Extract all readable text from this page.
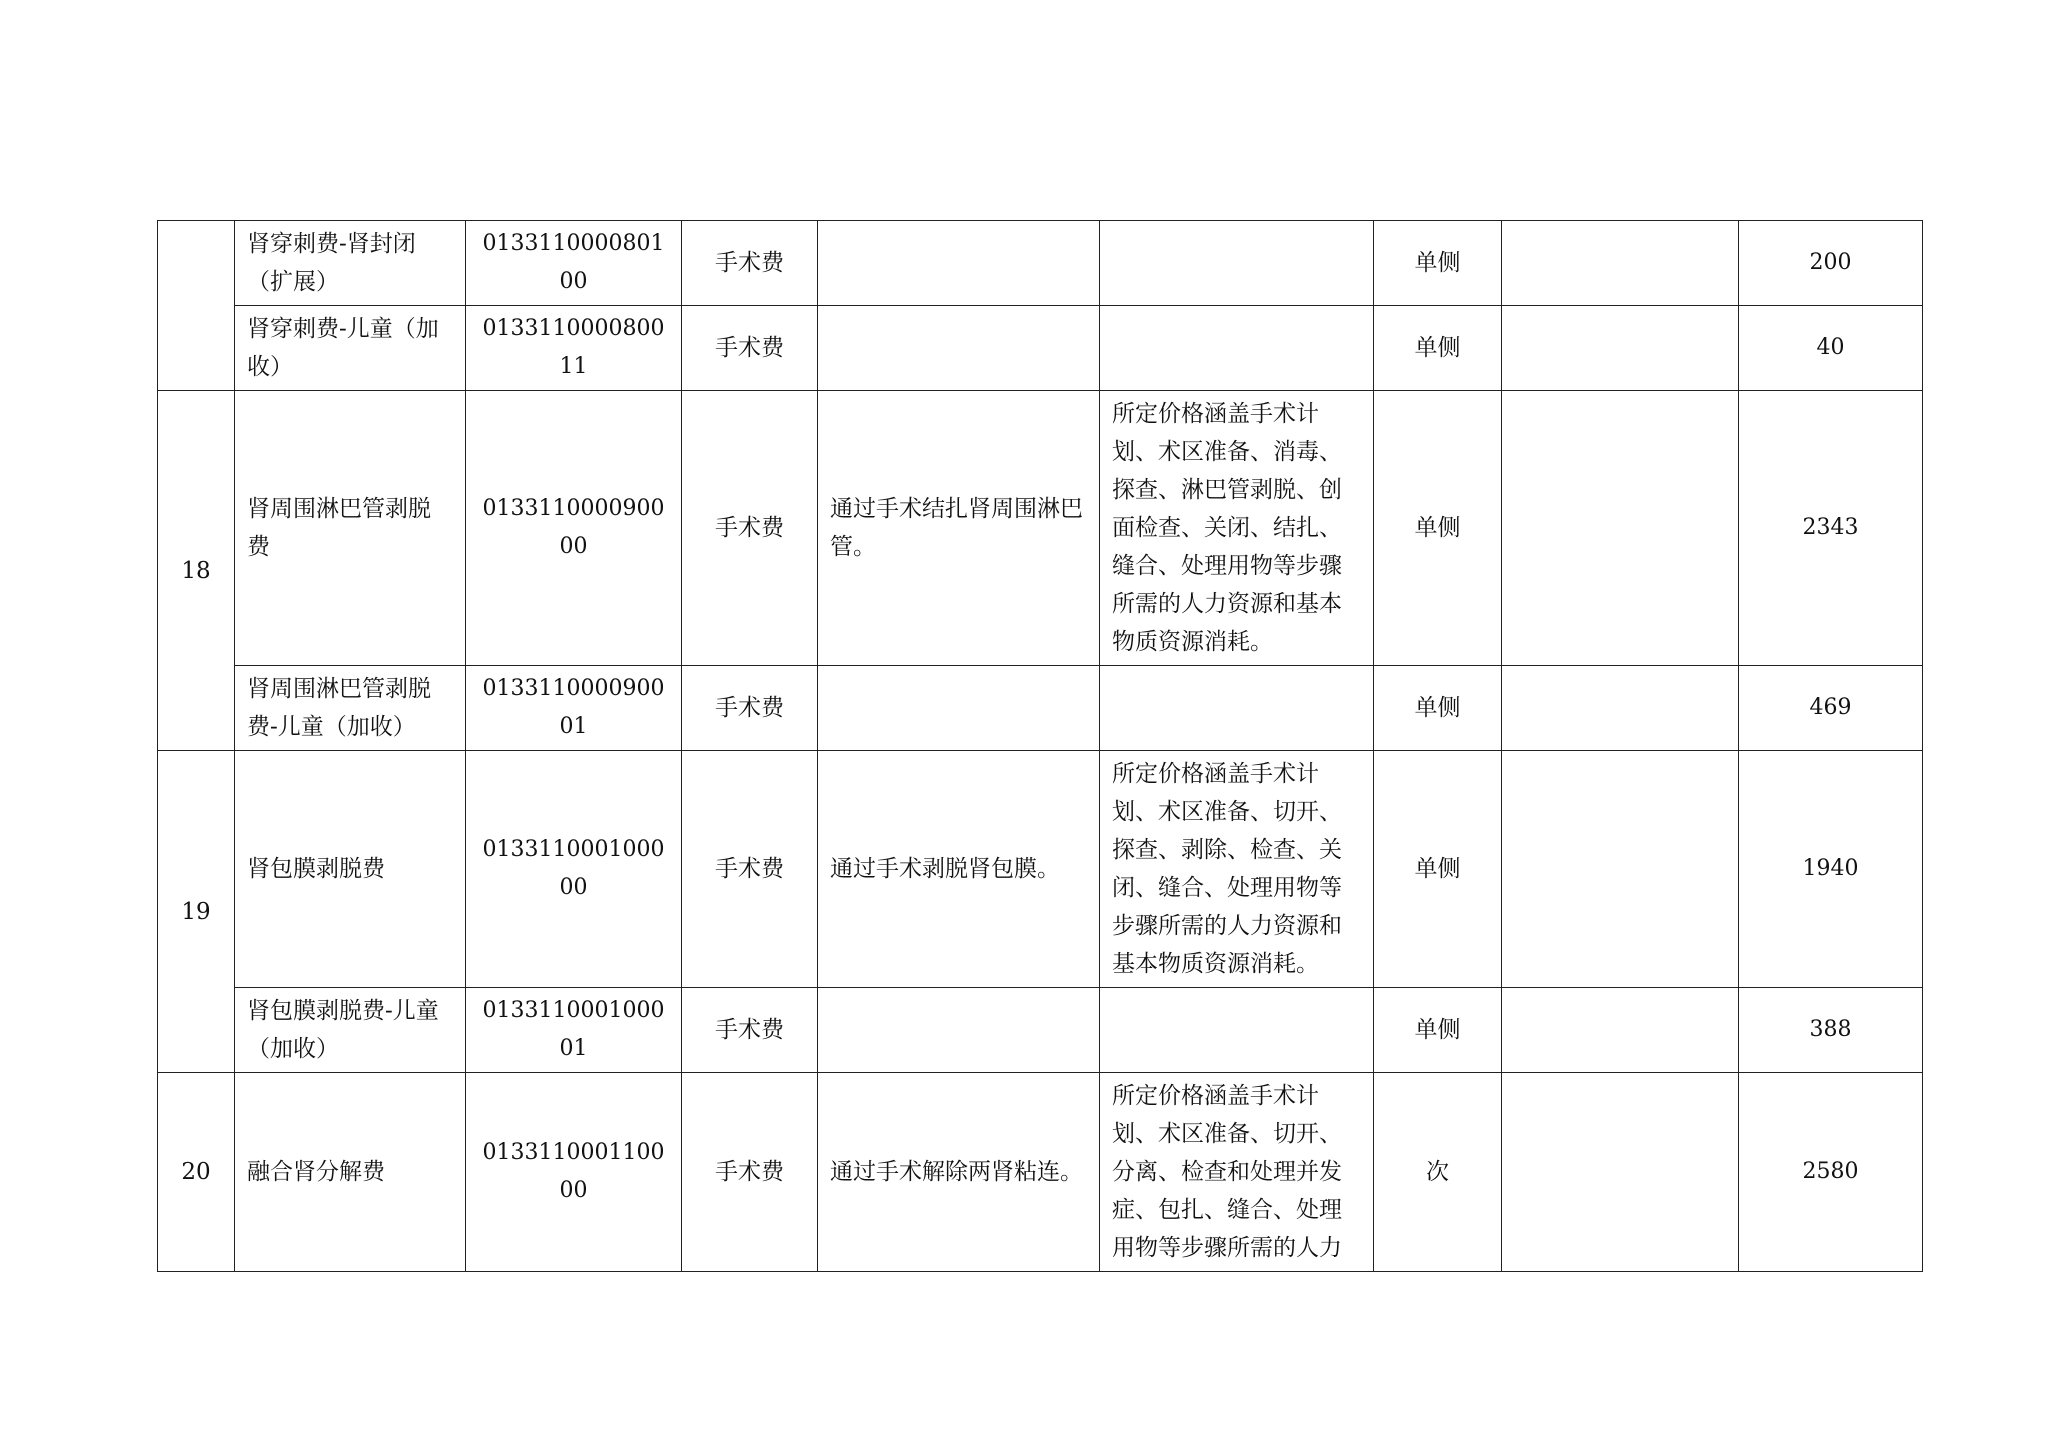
	肾穿刺费-肾封闭（扩展）	013311000080100	手术费			单侧		200
	肾穿刺费-儿童（加收）	013311000080011	手术费			单侧		40
18	肾周围淋巴管剥脱费	013311000090000	手术费	通过手术结扎肾周围淋巴管。	所定价格涵盖手术计划、术区准备、消毒、探查、淋巴管剥脱、创面检查、关闭、结扎、缝合、处理用物等步骤所需的人力资源和基本物质资源消耗。	单侧		2343
	肾周围淋巴管剥脱费-儿童（加收）	013311000090001	手术费			单侧		469
19	肾包膜剥脱费	013311000100000	手术费	通过手术剥脱肾包膜。	所定价格涵盖手术计划、术区准备、切开、探查、剥除、检查、关闭、缝合、处理用物等步骤所需的人力资源和基本物质资源消耗。	单侧		1940
	肾包膜剥脱费-儿童（加收）	013311000100001	手术费			单侧		388
20	融合肾分解费	013311000110000	手术费	通过手术解除两肾粘连。	所定价格涵盖手术计划、术区准备、切开、分离、检查和处理并发症、包扎、缝合、处理用物等步骤所需的人力	次		2580
